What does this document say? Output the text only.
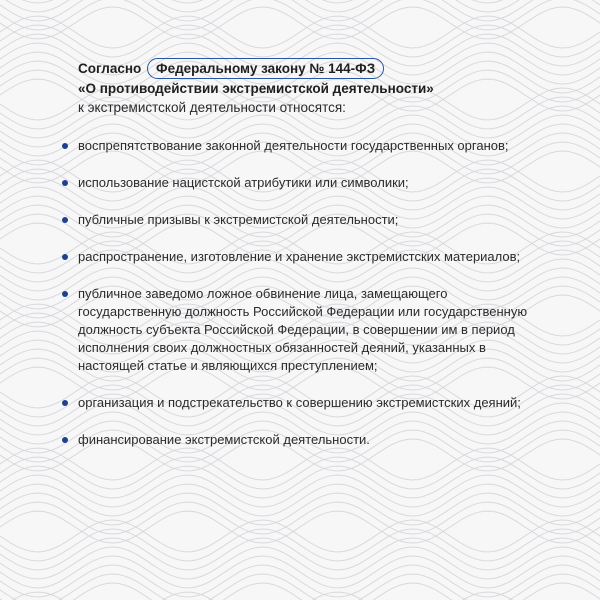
Согласно Федеральному закону № 144-ФЗ
«О противодействии экстремистской деятельности»
к экстремистской деятельности относятся:
воспрепятствование законной деятельности государственных органов;
использование нацистской атрибутики или символики;
публичные призывы к экстремистской деятельности;
распространение, изготовление и хранение экстремистских материалов;
публичное заведомо ложное обвинение лица, замещающего государственную должность Российской Федерации или государственную должность субъекта Российской Федерации, в совершении им в период исполнения своих должностных обязанностей деяний, указанных в настоящей статье и являющихся преступлением;
организация и подстрекательство к совершению экстремистских деяний;
финансирование экстремистской деятельности.
